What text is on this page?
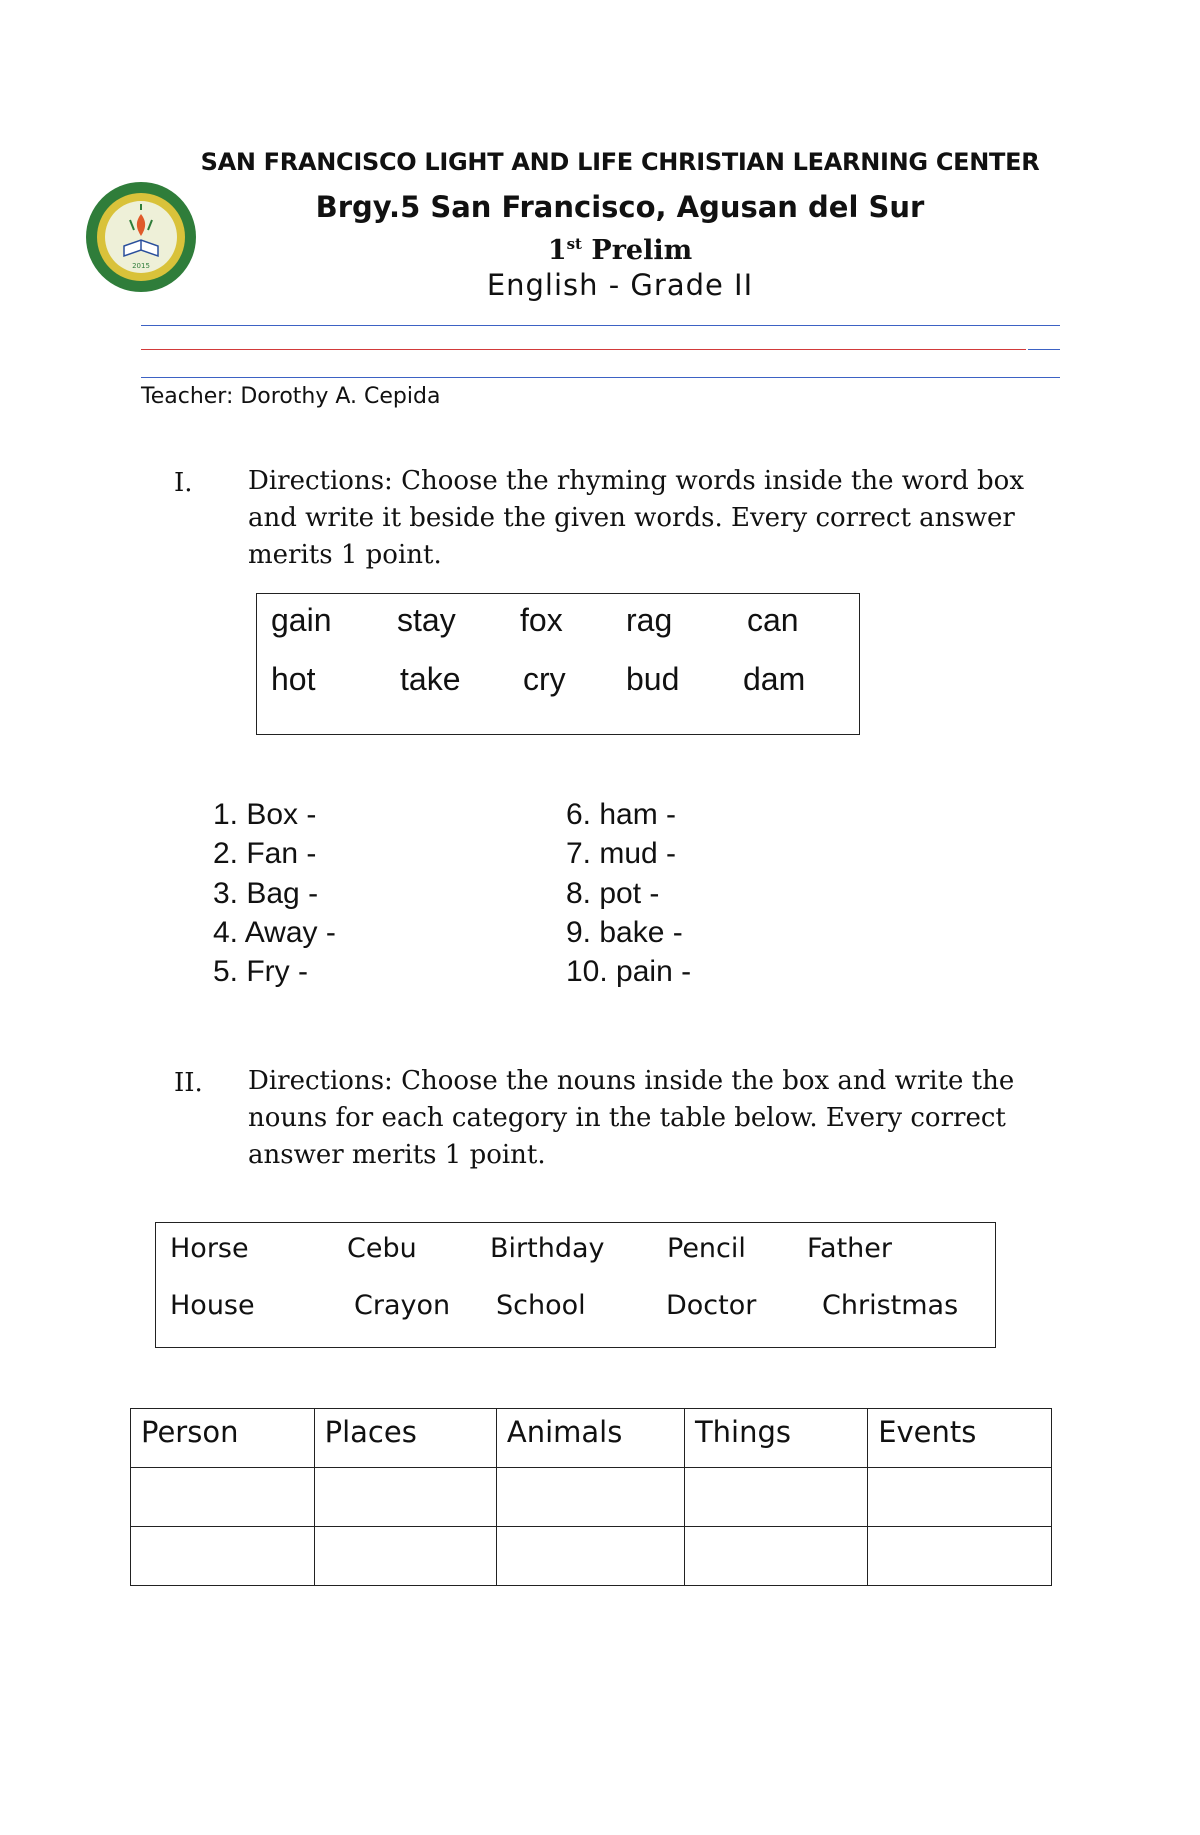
2015
SAN FRANCISCO LIGHT AND LIFE CHRISTIAN LEARNING CENTER
Brgy.5 San Francisco, Agusan del Sur
1st Prelim
English - Grade II
Teacher: Dorothy A. Cepida
I. Directions: Choose the rhyming words inside the word box and write it beside the given words. Every correct answer merits 1 point.
gain stay fox rag can
hot	take cry bud dam
1. Box -
2. Fan -
3. Bag -
4. Away -
5. Fry -
6. ham -
7. mud -
8. pot -
9. bake -
10. pain -
II. Directions: Choose the nouns inside the box and write the nouns for each category in the table below. Every correct answer merits 1 point.
Horse	Cebu	Birthday Pencil Father
House	Crayon School	Doctor Christmas
Person	Places	Animals	Things	Events
